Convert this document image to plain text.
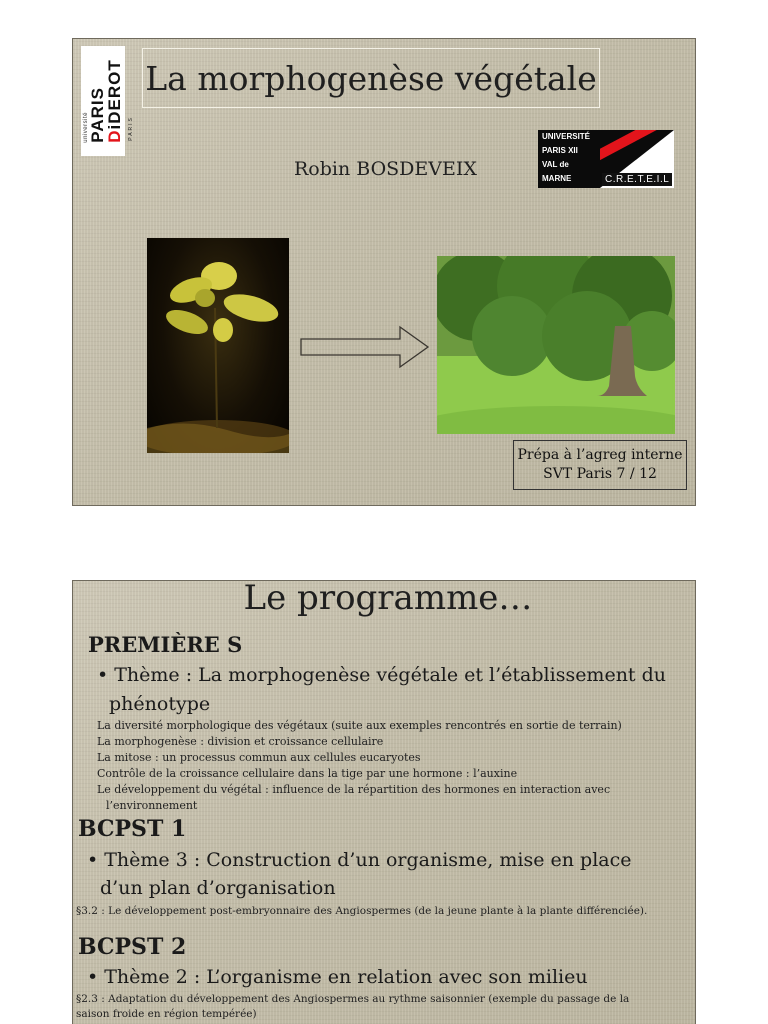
université PARIS
DiDEROT PARIS
La morphogenèse végétale
Robin BOSDEVEIX
UNIVERSITÉ
PARIS XII
VAL de
MARNE	C.R.E.T.E.I.L
Prépa à l’agreg interne
SVT Paris 7 / 12
Le programme…
PREMIÈRE S
• Thème : La morphogenèse végétale et l’établissement du
phénotype
La diversité morphologique des végétaux (suite aux exemples rencontrés en sortie de terrain)
La morphogenèse : division et croissance cellulaire
La mitose : un processus commun aux cellules eucaryotes
Contrôle de la croissance cellulaire dans la tige par une hormone : l’auxine
Le développement du végétal : influence de la répartition des hormones en interaction avec
l’environnement
BCPST 1
• Thème 3 : Construction d’un organisme, mise en place
d’un plan d’organisation
§3.2 : Le développement post-embryonnaire des Angiospermes (de la jeune plante à la plante différenciée).
BCPST 2
• Thème 2 : L’organisme en relation avec son milieu
§2.3 : Adaptation du développement des Angiospermes au rythme saisonnier (exemple du passage de la
saison froide en région tempérée)
